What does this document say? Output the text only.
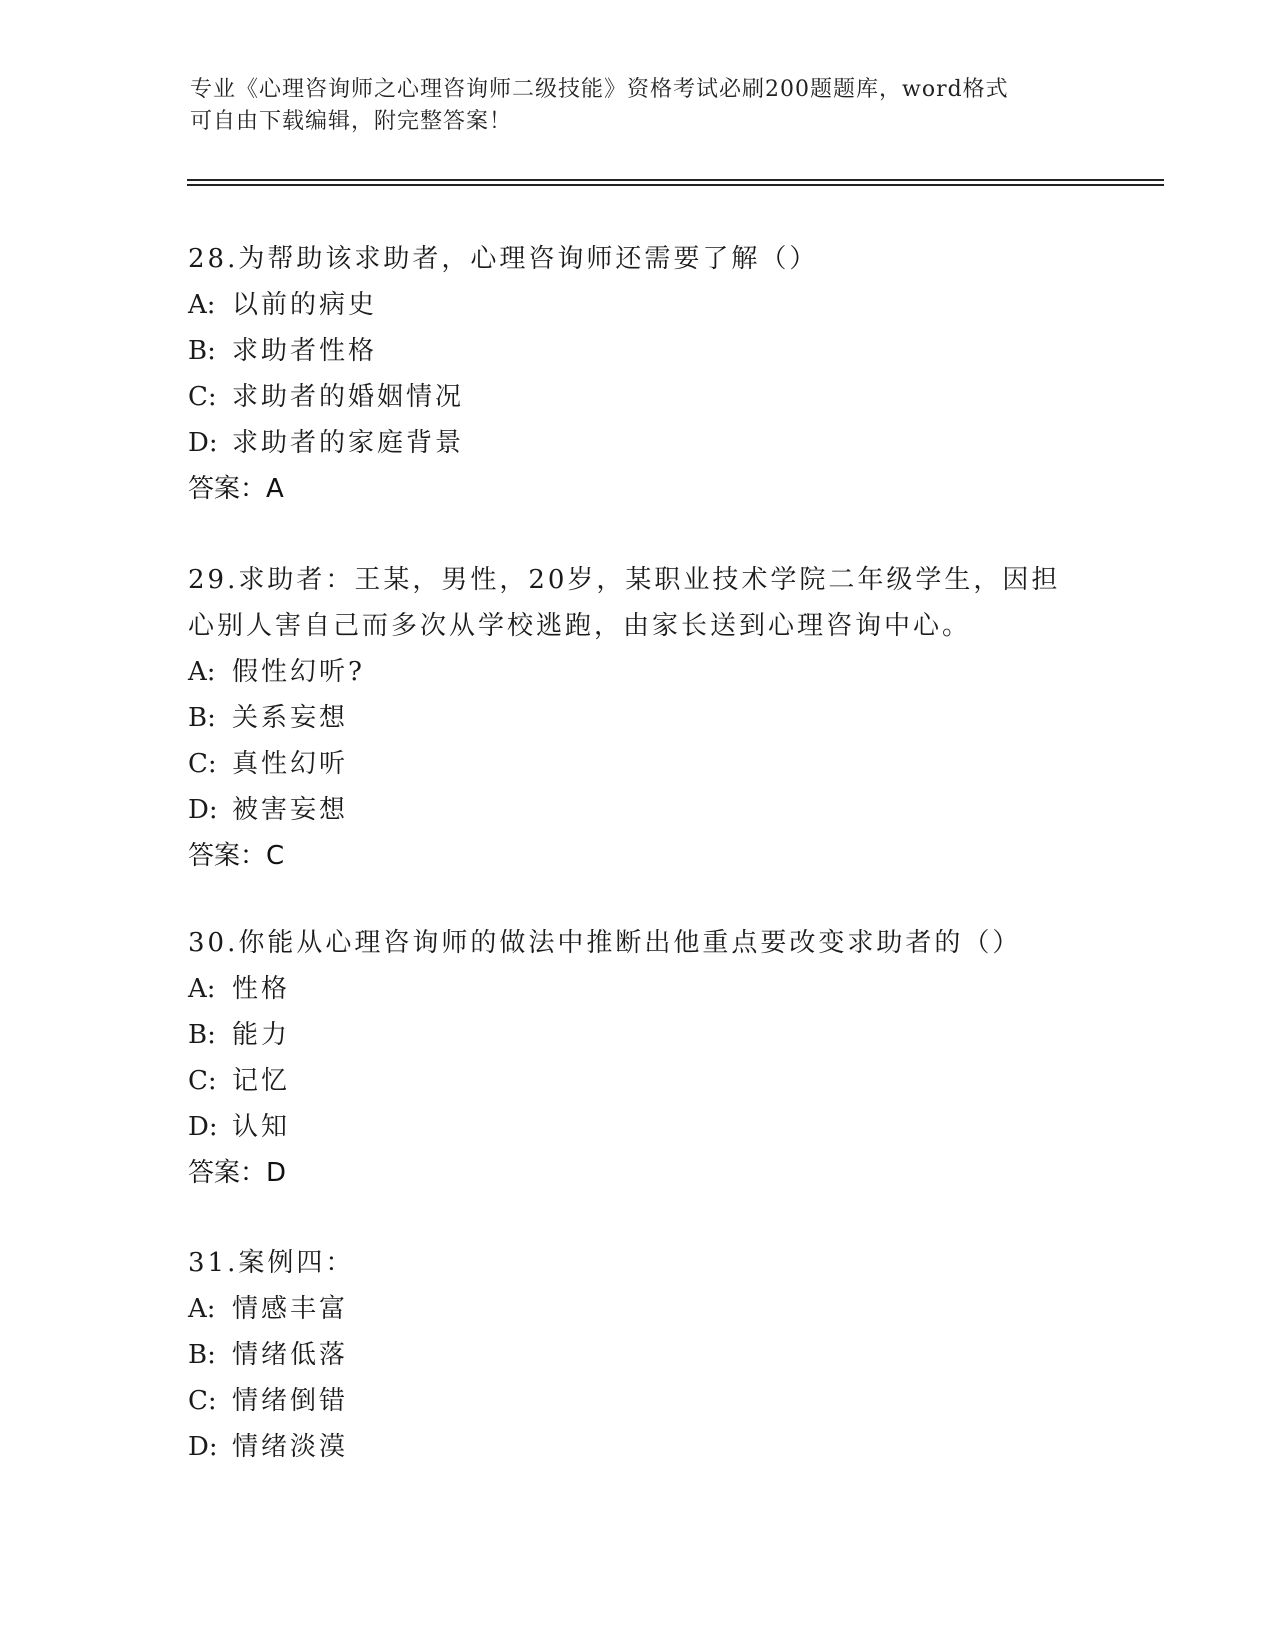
专业《心理咨询师之心理咨询师二级技能》资格考试必刷200题题库，word格式
可自由下载编辑，附完整答案！
28.为帮助该求助者，心理咨询师还需要了解（）
A: 以前的病史
B: 求助者性格
C: 求助者的婚姻情况
D: 求助者的家庭背景
答案：A
29.求助者：王某，男性，20岁，某职业技术学院二年级学生，因担心别人害自己而多次从学校逃跑，由家长送到心理咨询中心。
A: 假性幻听?
B: 关系妄想
C: 真性幻听
D: 被害妄想
答案：C
30.你能从心理咨询师的做法中推断出他重点要改变求助者的（）
A: 性格
B: 能力
C: 记忆
D: 认知
答案：D
31.案例四：
A: 情感丰富
B: 情绪低落
C: 情绪倒错
D: 情绪淡漠
